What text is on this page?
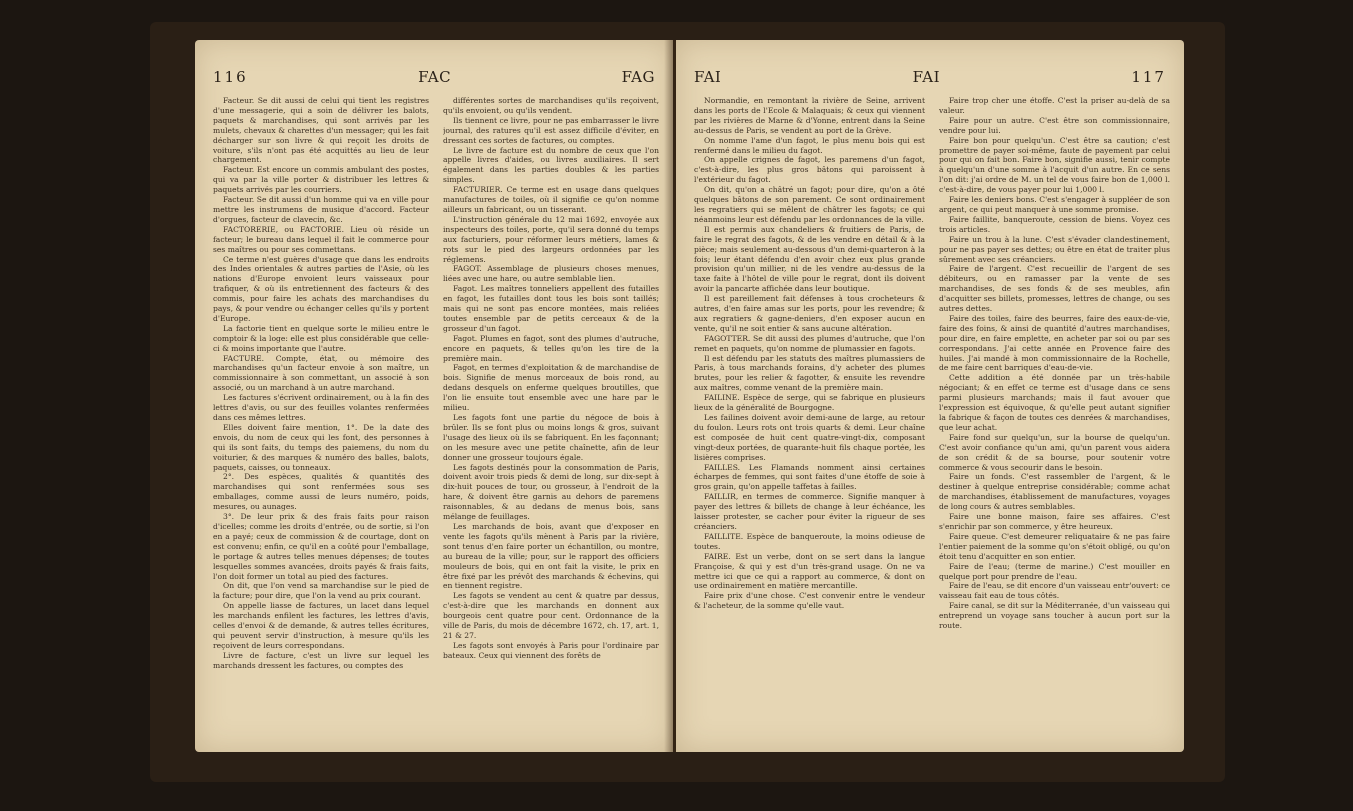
116	FAC	FAG

Facteur. Se dit aussi de celui qui tient les registres d'une messagerie, qui a soin de délivrer les balots, paquets & marchandises, qui sont arrivés par les mulets, chevaux & charettes d'un messager; qui les fait décharger sur son livre & qui reçoit les droits de voiture, s'ils n'ont pas été acquittés au lieu de leur chargement.

Facteur. Est encore un commis ambulant des postes, qui va par la ville porter & distribuer les lettres & paquets arrivés par les courriers.

Facteur. Se dit aussi d'un homme qui va en ville pour mettre les instrumens de musique d'accord. Facteur d'orgues, facteur de clavecin, &c.

FACTORERIE, ou FACTORIE. Lieu où réside un facteur; le bureau dans lequel il fait le commerce pour ses maîtres ou pour ses commettans.

Ce terme n'est guères d'usage que dans les endroits des Indes orientales & autres parties de l'Asie, où les nations d'Europe envoient leurs vaisseaux pour trafiquer, & où ils entretiennent des facteurs & des commis, pour faire les achats des marchandises du pays, & pour vendre ou échanger celles qu'ils y portent d'Europe.

La factorie tient en quelque sorte le milieu entre le comptoir & la loge: elle est plus considérable que celle-ci & moins importante que l'autre.

FACTURE. Compte, état, ou mémoire des marchandises qu'un facteur envoie à son maître, un commissionnaire à son commettant, un associé à son associé, ou un marchand à un autre marchand.

Les factures s'écrivent ordinairement, ou à la fin des lettres d'avis, ou sur des feuilles volantes renfermées dans ces mêmes lettres.

Elles doivent faire mention, 1°. De la date des envois, du nom de ceux qui les font, des personnes à qui ils sont faits, du temps des paiemens, du nom du voiturier, & des marques & numéro des balles, balots, paquets, caisses, ou tonneaux.

2°. Des espèces, qualités & quantités des marchandises qui sont renfermées sous ses emballages, comme aussi de leurs numéro, poids, mesures, ou aunages.

3°. De leur prix & des frais faits pour raison d'icelles; comme les droits d'entrée, ou de sortie, si l'on en a payé; ceux de commission & de courtage, dont on est convenu; enfin, ce qu'il en a coûté pour l'emballage, le portage & autres telles menues dépenses; de toutes lesquelles sommes avancées, droits payés & frais faits, l'on doit former un total au pied des factures.

On dit, que l'on vend sa marchandise sur le pied de la facture; pour dire, que l'on la vend au prix courant.

On appelle liasse de factures, un lacet dans lequel les marchands enfilent les factures, les lettres d'avis, celles d'envoi & de demande, & autres telles écritures, qui peuvent servir d'instruction, à mesure qu'ils les reçoivent de leurs correspondans.

Livre de facture, c'est un livre sur lequel les marchands dressent les factures, ou comptes des

différentes sortes de marchandises qu'ils reçoivent, qu'ils envoient, ou qu'ils vendent.

Ils tiennent ce livre, pour ne pas embarrasser le livre journal, des ratures qu'il est assez difficile d'éviter, en dressant ces sortes de factures, ou comptes.

Le livre de facture est du nombre de ceux que l'on appelle livres d'aides, ou livres auxiliaires. Il sert également dans les parties doubles & les parties simples.

FACTURIER. Ce terme est en usage dans quelques manufactures de toiles, où il signifie ce qu'on nomme ailleurs un fabricant, ou un tisserant.

L'instruction générale du 12 mai 1692, envoyée aux inspecteurs des toiles, porte, qu'il sera donné du temps aux facturiers, pour réformer leurs métiers, lames & rots sur le pied des largeurs ordonnées par les réglemens.

FAGOT. Assemblage de plusieurs choses menues, liées avec une hare, ou autre semblable lien.

Fagot. Les maîtres tonneliers appellent des futailles en fagot, les futailles dont tous les bois sont taillés; mais qui ne sont pas encore montées, mais reliées toutes ensemble par de petits cerceaux & de la grosseur d'un fagot.

Fagot. Plumes en fagot, sont des plumes d'autruche, encore en paquets, & telles qu'on les tire de la première main.

Fagot, en termes d'exploitation & de marchandise de bois. Signifie de menus morceaux de bois rond, au dedans desquels on enferme quelques broutilles, que l'on lie ensuite tout ensemble avec une hare par le milieu.

Les fagots font une partie du négoce de bois à brûler. Ils se font plus ou moins longs & gros, suivant l'usage des lieux où ils se fabriquent. En les façonnant; on les mesure avec une petite chaînette, afin de leur donner une grosseur toujours égale.

Les fagots destinés pour la consommation de Paris, doivent avoir trois pieds & demi de long, sur dix-sept à dix-huit pouces de tour, ou grosseur, à l'endroit de la hare, & doivent être garnis au dehors de paremens raisonnables, & au dedans de menus bois, sans mélange de feuillages.

Les marchands de bois, avant que d'exposer en vente les fagots qu'ils mènent à Paris par la rivière, sont tenus d'en faire porter un échantillon, ou montre, au bureau de la ville; pour, sur le rapport des officiers mouleurs de bois, qui en ont fait la visite, le prix en être fixé par les prévôt des marchands & échevins, qui en tiennent registre.

Les fagots se vendent au cent & quatre par dessus, c'est-à-dire que les marchands en donnent aux bourgeois cent quatre pour cent. Ordonnance de la ville de Paris, du mois de décembre 1672, ch. 17, art. 1, 21 & 27.

Les fagots sont envoyés à Paris pour l'ordinaire par bateaux. Ceux qui viennent des forêts de

FAI	FAI	117

Normandie, en remontant la rivière de Seine, arrivent dans les ports de l'Ecole & Malaquais; & ceux qui viennent par les rivières de Marne & d'Yonne, entrent dans la Seine au-dessus de Paris, se vendent au port de la Grève.

On nomme l'ame d'un fagot, le plus menu bois qui est renfermé dans le milieu du fagot.

On appelle crignes de fagot, les paremens d'un fagot, c'est-à-dire, les plus gros bâtons qui paroissent à l'extérieur du fagot.

On dit, qu'on a châtré un fagot; pour dire, qu'on a ôté quelques bâtons de son parement. Ce sont ordinairement les regratiers qui se mêlent de châtrer les fagots; ce qui néanmoins leur est défendu par les ordonnances de la ville.

Il est permis aux chandeliers & fruitiers de Paris, de faire le regrat des fagots, & de les vendre en détail & à la pièce; mais seulement au-dessous d'un demi-quarteron à la fois; leur étant défendu d'en avoir chez eux plus grande provision qu'un millier, ni de les vendre au-dessus de la taxe faite à l'hôtel de ville pour le regrat, dont ils doivent avoir la pancarte affichée dans leur boutique.

Il est pareillement fait défenses à tous crocheteurs & autres, d'en faire amas sur les ports, pour les revendre; & aux regratiers & gagne-deniers, d'en exposer aucun en vente, qu'il ne soit entier & sans aucune altération.

FAGOTTER. Se dit aussi des plumes d'autruche, que l'on remet en paquets, qu'on nomme de plumassier en fagots.

Il est défendu par les statuts des maîtres plumassiers de Paris, à tous marchands forains, d'y acheter des plumes brutes, pour les relier & fagotter, & ensuite les revendre aux maîtres, comme venant de la première main.

FAILINE. Espèce de serge, qui se fabrique en plusieurs lieux de la généralité de Bourgogne.

Les failines doivent avoir demi-aune de large, au retour du foulon. Leurs rots ont trois quarts & demi. Leur chaîne est composée de huit cent quatre-vingt-dix, composant vingt-deux portées, de quarante-huit fils chaque portée, les lisières comprises.

FAILLES. Les Flamands nomment ainsi certaines écharpes de femmes, qui sont faites d'une étoffe de soie à gros grain, qu'on appelle taffetas à failles.

FAILLIR, en termes de commerce. Signifie manquer à payer des lettres & billets de change à leur échéance, les laisser protester, se cacher pour éviter la rigueur de ses créanciers.

FAILLITE. Espèce de banqueroute, la moins odieuse de toutes.

FAIRE. Est un verbe, dont on se sert dans la langue Françoise, & qui y est d'un très-grand usage. On ne va mettre ici que ce qui a rapport au commerce, & dont on use ordinairement en matière mercantille.

Faire prix d'une chose. C'est convenir entre le vendeur & l'acheteur, de la somme qu'elle vaut.

Faire trop cher une étoffe. C'est la priser au-delà de sa valeur.

Faire pour un autre. C'est être son commissionnaire, vendre pour lui.

Faire bon pour quelqu'un. C'est être sa caution; c'est promettre de payer soi-même, faute de payement par celui pour qui on fait bon. Faire bon, signifie aussi, tenir compte à quelqu'un d'une somme à l'acquit d'un autre. En ce sens l'on dit: j'ai ordre de M. un tel de vous faire bon de 1,000 l. c'est-à-dire, de vous payer pour lui 1,000 l.

Faire les deniers bons. C'est s'engager à suppléer de son argent, ce qui peut manquer à une somme promise.

Faire faillite, banqueroute, cession de biens. Voyez ces trois articles.

Faire un trou à la lune. C'est s'évader clandestinement, pour ne pas payer ses dettes; ou être en état de traiter plus sûrement avec ses créanciers.

Faire de l'argent. C'est recueillir de l'argent de ses débiteurs, ou en ramasser par la vente de ses marchandises, de ses fonds & de ses meubles, afin d'acquitter ses billets, promesses, lettres de change, ou ses autres dettes.

Faire des toiles, faire des beurres, faire des eaux-de-vie, faire des foins, & ainsi de quantité d'autres marchandises, pour dire, en faire emplette, en acheter par soi ou par ses correspondans. J'ai cette année en Provence faire des huiles. J'ai mandé à mon commissionnaire de la Rochelle, de me faire cent barriques d'eau-de-vie.

Cette addition a été donnée par un très-habile négociant; & en effet ce terme est d'usage dans ce sens parmi plusieurs marchands; mais il faut avouer que l'expression est équivoque, & qu'elle peut autant signifier la fabrique & façon de toutes ces denrées & marchandises, que leur achat.

Faire fond sur quelqu'un, sur la bourse de quelqu'un. C'est avoir confiance qu'un ami, qu'un parent vous aidera de son crédit & de sa bourse, pour soutenir votre commerce & vous secourir dans le besoin.

Faire un fonds. C'est rassembler de l'argent, & le destiner à quelque entreprise considérable; comme achat de marchandises, établissement de manufactures, voyages de long cours & autres semblables.

Faire une bonne maison, faire ses affaires. C'est s'enrichir par son commerce, y être heureux.

Faire queue. C'est demeurer reliquataire & ne pas faire l'entier paiement de la somme qu'on s'étoit obligé, ou qu'on étoit tenu d'acquitter en son entier.

Faire de l'eau; (terme de marine.) C'est mouiller en quelque port pour prendre de l'eau.

Faire de l'eau, se dit encore d'un vaisseau entr'ouvert: ce vaisseau fait eau de tous côtés.

Faire canal, se dit sur la Méditerranée, d'un vaisseau qui entreprend un voyage sans toucher à aucun port sur la route.
